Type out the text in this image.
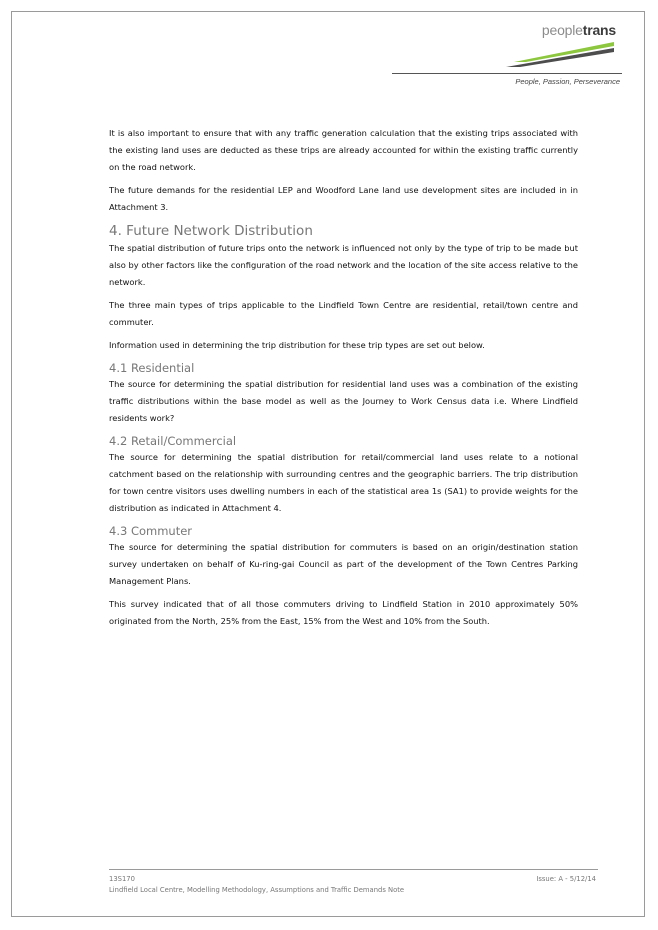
peopletrans
People, Passion, Perseverance

It is also important to ensure that with any traffic generation calculation that the existing trips associated with the existing land uses are deducted as these trips are already accounted for within the existing traffic currently on the road network.

The future demands for the residential LEP and Woodford Lane land use development sites are included in in Attachment 3.

4. Future Network Distribution

The spatial distribution of future trips onto the network is influenced not only by the type of trip to be made but also by other factors like the configuration of the road network and the location of the site access relative to the network.

The three main types of trips applicable to the Lindfield Town Centre are residential, retail/town centre and commuter.

Information used in determining the trip distribution for these trip types are set out below.

4.1 Residential

The source for determining the spatial distribution for residential land uses was a combination of the existing traffic distributions within the base model as well as the Journey to Work Census data i.e. Where Lindfield residents work?

4.2 Retail/Commercial

The source for determining the spatial distribution for retail/commercial land uses relate to a notional catchment based on the relationship with surrounding centres and the geographic barriers. The trip distribution for town centre visitors uses dwelling numbers in each of the statistical area 1s (SA1) to provide weights for the distribution as indicated in Attachment 4.

4.3 Commuter

The source for determining the spatial distribution for commuters is based on an origin/destination station survey undertaken on behalf of Ku-ring-gai Council as part of the development of the Town Centres Parking Management Plans.

This survey indicated that of all those commuters driving to Lindfield Station in 2010 approximately 50% originated from the North, 25% from the East, 15% from the West and 10% from the South.

13S170
Lindfield Local Centre, Modelling Methodology, Assumptions and Traffic Demands Note
Issue: A - 5/12/14
